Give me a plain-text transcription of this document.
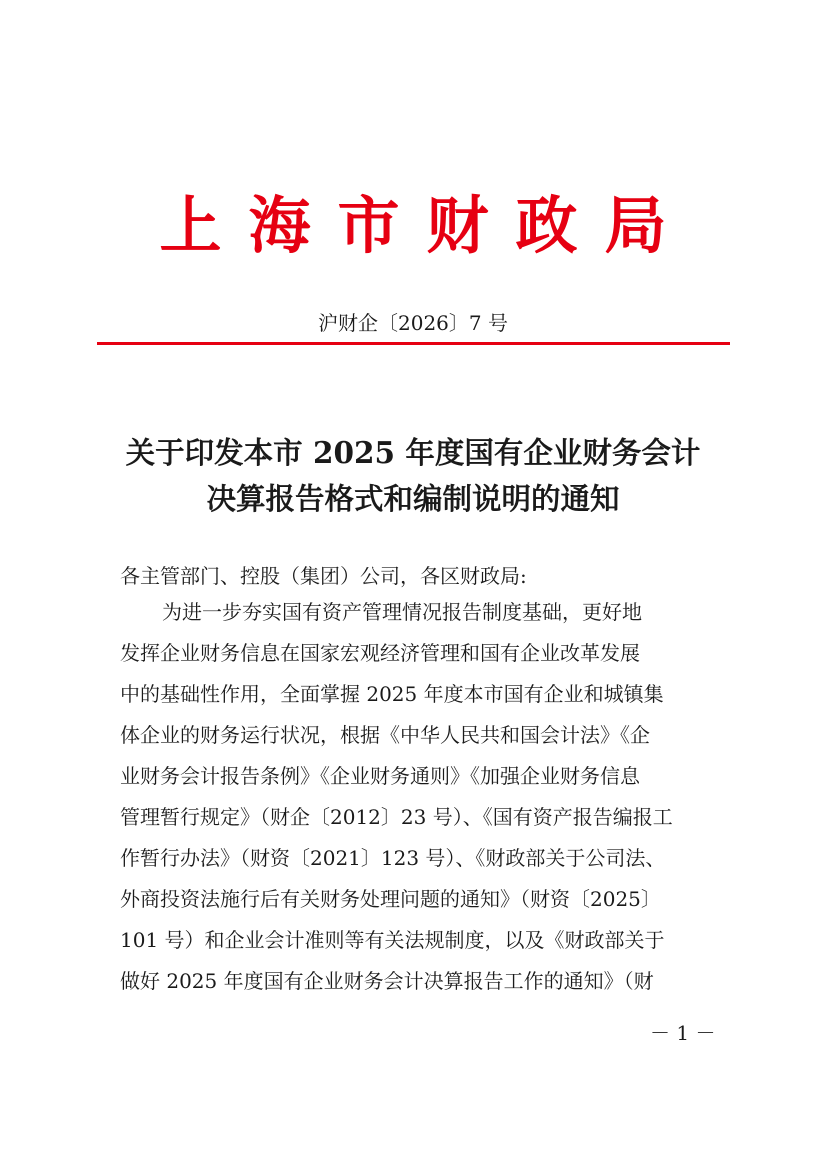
上海市财政局
沪财企〔2026〕7 号
关于印发本市 2025 年度国有企业财务会计
决算报告格式和编制说明的通知
各主管部门、控股（集团）公司，各区财政局:
为进一步夯实国有资产管理情况报告制度基础，更好地
发挥企业财务信息在国家宏观经济管理和国有企业改革发展
中的基础性作用，全面掌握 2025 年度本市国有企业和城镇集
体企业的财务运行状况，根据《中华人民共和国会计法》《企
业财务会计报告条例》《企业财务通则》《加强企业财务信息
管理暂行规定》（财企〔2012〕23 号）、《国有资产报告编报工
作暂行办法》（财资〔2021〕123 号）、《财政部关于公司法、
外商投资法施行后有关财务处理问题的通知》（财资〔2025〕
101 号）和企业会计准则等有关法规制度，以及《财政部关于
做好 2025 年度国有企业财务会计决算报告工作的通知》（财
－ 1 －
